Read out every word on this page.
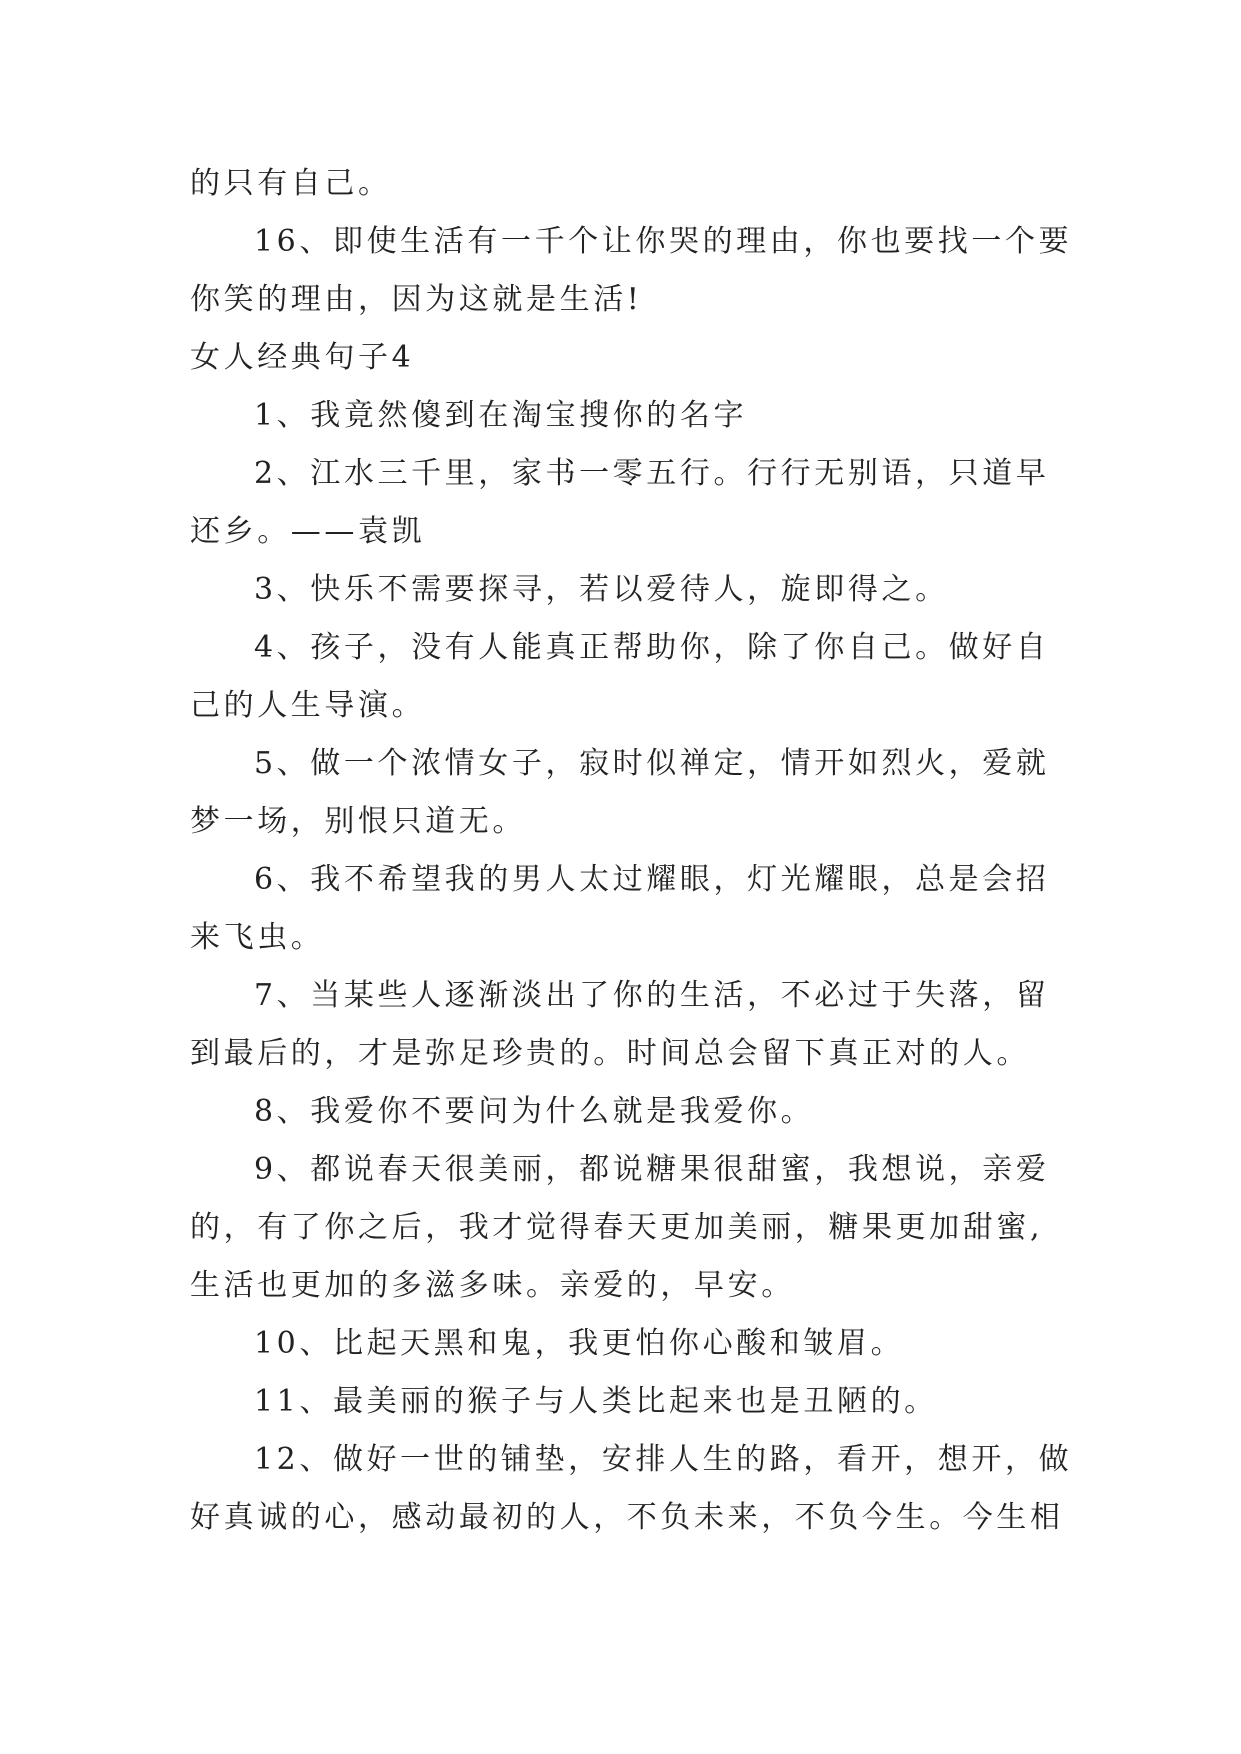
的只有自己。

16、即使生活有一千个让你哭的理由，你也要找一个要

你笑的理由，因为这就是生活!

女人经典句子4

1、我竟然傻到在淘宝搜你的名字

2、江水三千里，家书一零五行。行行无别语，只道早

还乡。——袁凯

3、快乐不需要探寻，若以爱待人，旋即得之。

4、孩子，没有人能真正帮助你，除了你自己。做好自

己的人生导演。

5、做一个浓情女子，寂时似禅定，情开如烈火，爱就

梦一场，别恨只道无。

6、我不希望我的男人太过耀眼，灯光耀眼，总是会招

来飞虫。

7、当某些人逐渐淡出了你的生活，不必过于失落，留

到最后的，才是弥足珍贵的。时间总会留下真正对的人。

8、我爱你不要问为什么就是我爱你。

9、都说春天很美丽，都说糖果很甜蜜，我想说，亲爱

的，有了你之后，我才觉得春天更加美丽，糖果更加甜蜜,

生活也更加的多滋多味。亲爱的，早安。

10、比起天黑和鬼，我更怕你心酸和皱眉。

11、最美丽的猴子与人类比起来也是丑陋的。

12、做好一世的铺垫，安排人生的路，看开，想开，做

好真诚的心，感动最初的人，不负未来，不负今生。今生相
